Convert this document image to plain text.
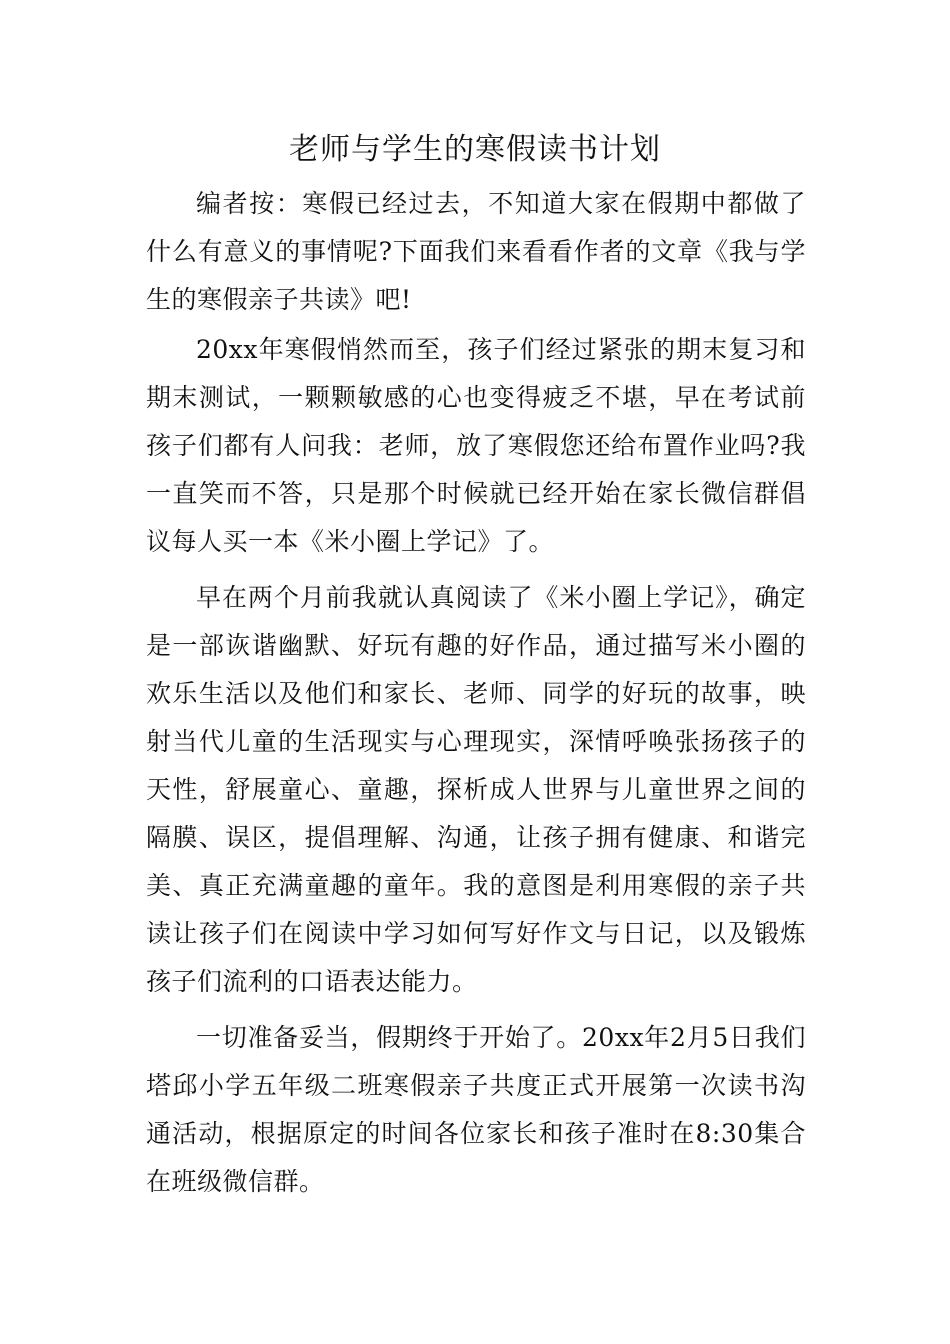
老师与学生的寒假读书计划

编者按：寒假已经过去，不知道大家在假期中都做了什么有意义的事情呢?下面我们来看看作者的文章《我与学生的寒假亲子共读》吧!

20xx年寒假悄然而至，孩子们经过紧张的期末复习和期末测试，一颗颗敏感的心也变得疲乏不堪，早在考试前孩子们都有人问我：老师，放了寒假您还给布置作业吗?我一直笑而不答，只是那个时候就已经开始在家长微信群倡议每人买一本《米小圈上学记》了。

早在两个月前我就认真阅读了《米小圈上学记》，确定是一部诙谐幽默、好玩有趣的好作品，通过描写米小圈的欢乐生活以及他们和家长、老师、同学的好玩的故事，映射当代儿童的生活现实与心理现实，深情呼唤张扬孩子的天性，舒展童心、童趣，探析成人世界与儿童世界之间的隔膜、误区，提倡理解、沟通，让孩子拥有健康、和谐完美、真正充满童趣的童年。我的意图是利用寒假的亲子共读让孩子们在阅读中学习如何写好作文与日记，以及锻炼孩子们流利的口语表达能力。

一切准备妥当，假期终于开始了。20xx年2月5日我们塔邱小学五年级二班寒假亲子共度正式开展第一次读书沟通活动，根据原定的时间各位家长和孩子准时在8:30集合在班级微信群。
